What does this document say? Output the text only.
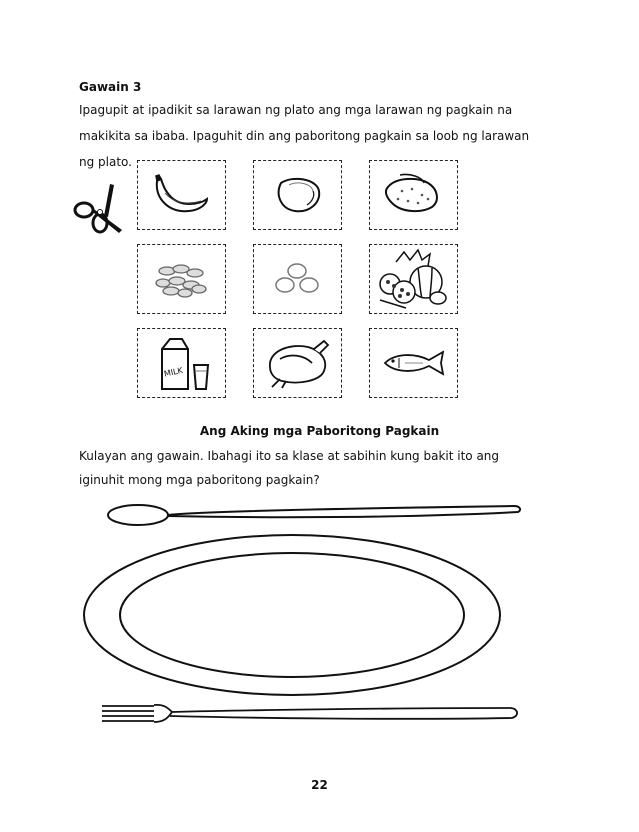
Gawain 3
Ipagupit at ipadikit sa larawan ng plato ang mga larawan ng pagkain na
makikita sa ibaba. Ipaguhit din ang paboritong pagkain sa loob ng larawan
ng plato.
MILK
Ang Aking mga Paboritong Pagkain
Kulayan ang gawain. Ibahagi ito sa klase at sabihin kung bakit ito ang
iginuhit mong mga paboritong pagkain?
22
